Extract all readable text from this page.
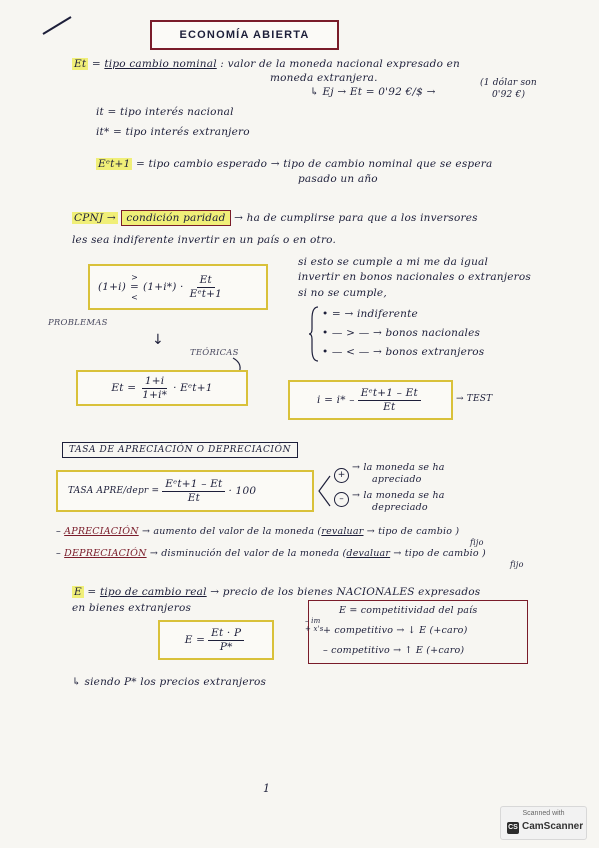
ECONOMÍA ABIERTA
Et = tipo cambio nominal : valor de la moneda nacional expresado en
moneda extranjera.
↳ Ej → Et = 0'92 €/$ →
(1 dólar son
0'92 €)
it = tipo interés nacional
it* = tipo interés extranjero
Eᵉt+1 = tipo cambio esperado → tipo de cambio nominal que se espera
pasado un año
CPNJ → condición paridad → ha de cumplirse para que a los inversores
les sea indiferente invertir en un país o en otro.
(1+i)
>
=
<
$(1+i*) \cdot \frac{Et}{\text{Eᵉt+1}}$
si esto se cumple a mi me da igual
invertir en bonos nacionales o extranjeros
si no se cumple,
• = → indiferente
• — > — → bonos nacionales
• — < — → bonos extranjeros
PROBLEMAS
↓
TEÓRICAS
$Et = \frac{1+i}{1+i*}$ · Eᵉt+1
$i = i* - \frac{\text{Eᵉt+1 – Et}}{Et}$	→ TEST
TASA DE APRECIACIÓN O DEPRECIACIÓN
TASA APRE/depr = $\frac{\text{Eᵉt+1 – Et}}{Et} \cdot 100$
+
→ la moneda se ha
apreciado
– → la moneda se ha
depreciado
– APRECIACIÓN → aumento del valor de la moneda (revaluar → tipo de cambio )
fijo
– DEPRECIACIÓN → disminución del valor de la moneda (devaluar → tipo de cambio )
fijo
E = tipo de cambio real → precio de los bienes NACIONALES expresados
en bienes extranjeros
$E = \frac{Et \cdot P}{P*}$
E = competitividad del país
+ competitivo → ↓ E (+caro)
– competitivo → ↑ E (+caro)
– im
+ x's
↳ siendo P* los precios extranjeros
1
Scanned with
CS CamScanner
